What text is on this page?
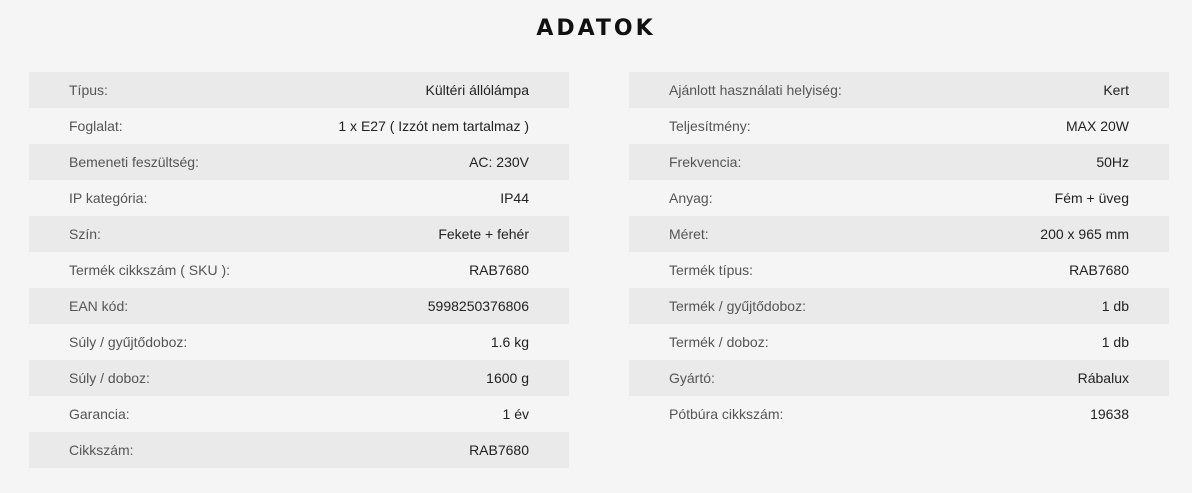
ADATOK
Típus:	Kültéri állólámpa
Foglalat:	1 x E27 ( Izzót nem tartalmaz )
Bemeneti feszültség:	AC: 230V
IP kategória:	IP44
Szín:	Fekete + fehér
Termék cikkszám ( SKU ):	RAB7680
EAN kód:	5998250376806
Súly / gyűjtődoboz:	1.6 kg
Súly / doboz:	1600 g
Garancia:	1 év
Cikkszám:	RAB7680
Ajánlott használati helyiség:	Kert
Teljesítmény:	MAX 20W
Frekvencia:	50Hz
Anyag:	Fém + üveg
Méret:	200 x 965 mm
Termék típus:	RAB7680
Termék / gyűjtődoboz:	1 db
Termék / doboz:	1 db
Gyártó:	Rábalux
Pótbúra cikkszám:	19638
